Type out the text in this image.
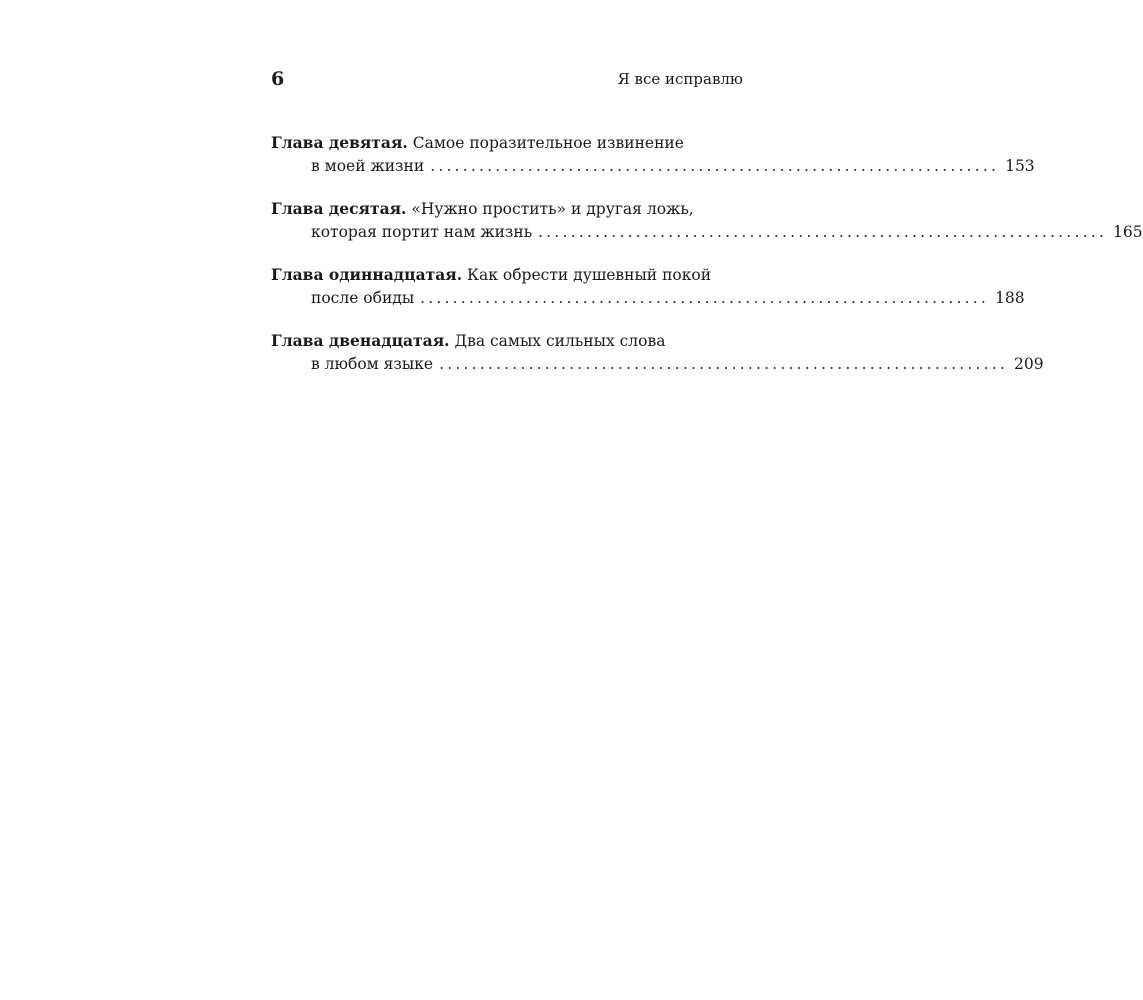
6	Я все исправлю
Глава девятая. Самое поразительное извинение
в моей жизни ...................................................................... 153
Глава десятая. «Нужно простить» и другая ложь,
которая портит нам жизнь ...................................................................... 165
Глава одиннадцатая. Как обрести душевный покой
после обиды ...................................................................... 188
Глава двенадцатая. Два самых сильных слова
в любом языке ...................................................................... 209
